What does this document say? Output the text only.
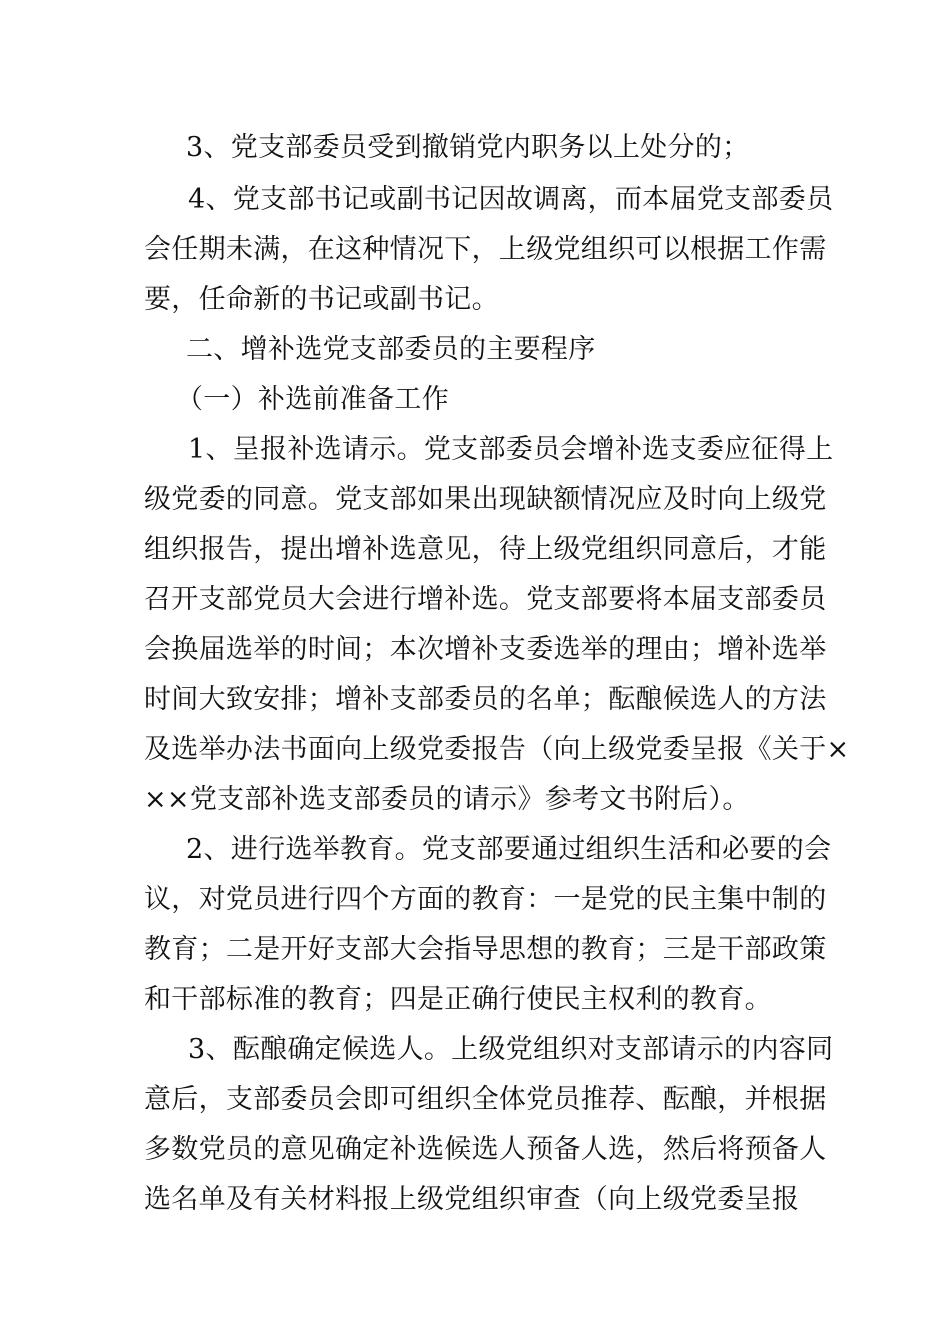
3、党支部委员受到撤销党内职务以上处分的；
4、党支部书记或副书记因故调离，而本届党支部委员
会任期未满，在这种情况下，上级党组织可以根据工作需
要，任命新的书记或副书记。
二、增补选党支部委员的主要程序
（一）补选前准备工作
1、呈报补选请示。党支部委员会增补选支委应征得上
级党委的同意。党支部如果出现缺额情况应及时向上级党
组织报告，提出增补选意见，待上级党组织同意后，才能
召开支部党员大会进行增补选。党支部要将本届支部委员
会换届选举的时间；本次增补支委选举的理由；增补选举
时间大致安排；增补支部委员的名单；酝酿候选人的方法
及选举办法书面向上级党委报告（向上级党委呈报《关于×
××党支部补选支部委员的请示》参考文书附后）。
2、进行选举教育。党支部要通过组织生活和必要的会
议，对党员进行四个方面的教育：一是党的民主集中制的
教育；二是开好支部大会指导思想的教育；三是干部政策
和干部标准的教育；四是正确行使民主权利的教育。
3、酝酿确定候选人。上级党组织对支部请示的内容同
意后，支部委员会即可组织全体党员推荐、酝酿，并根据
多数党员的意见确定补选候选人预备人选，然后将预备人
选名单及有关材料报上级党组织审查（向上级党委呈报
